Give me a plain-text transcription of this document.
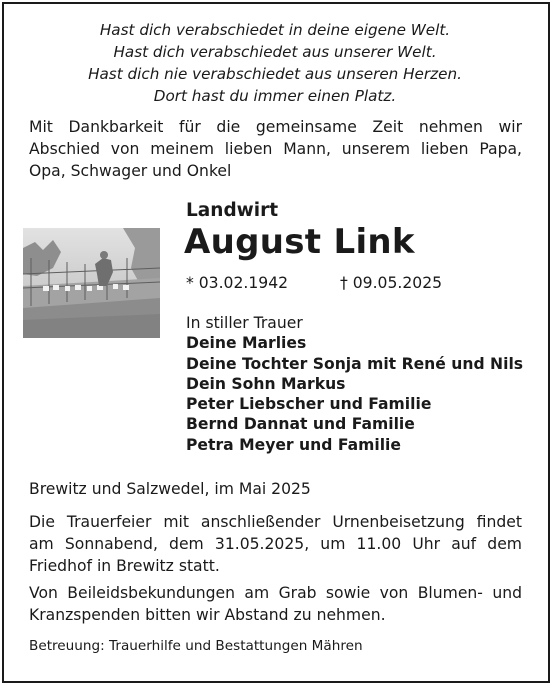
Hast dich verabschiedet in deine eigene Welt.
Hast dich verabschiedet aus unserer Welt.
Hast dich nie verabschiedet aus unseren Herzen.
Dort hast du immer einen Platz.
Mit Dankbarkeit für die gemeinsame Zeit nehmen wir
Abschied von meinem lieben Mann, unserem lieben Papa,
Opa, Schwager und Onkel
Landwirt
August Link
* 03.02.1942	† 09.05.2025
In stiller Trauer
Deine Marlies
Deine Tochter Sonja mit René und Nils
Dein Sohn Markus
Peter Liebscher und Familie
Bernd Dannat und Familie
Petra Meyer und Familie
Brewitz und Salzwedel, im Mai 2025
Die Trauerfeier mit anschließender Urnenbeisetzung findet
am Sonnabend, dem 31.05.2025, um 11.00 Uhr auf dem
Friedhof in Brewitz statt.
Von Beileidsbekundungen am Grab sowie von Blumen- und
Kranzspenden bitten wir Abstand zu nehmen.
Betreuung: Trauerhilfe und Bestattungen Mähren
